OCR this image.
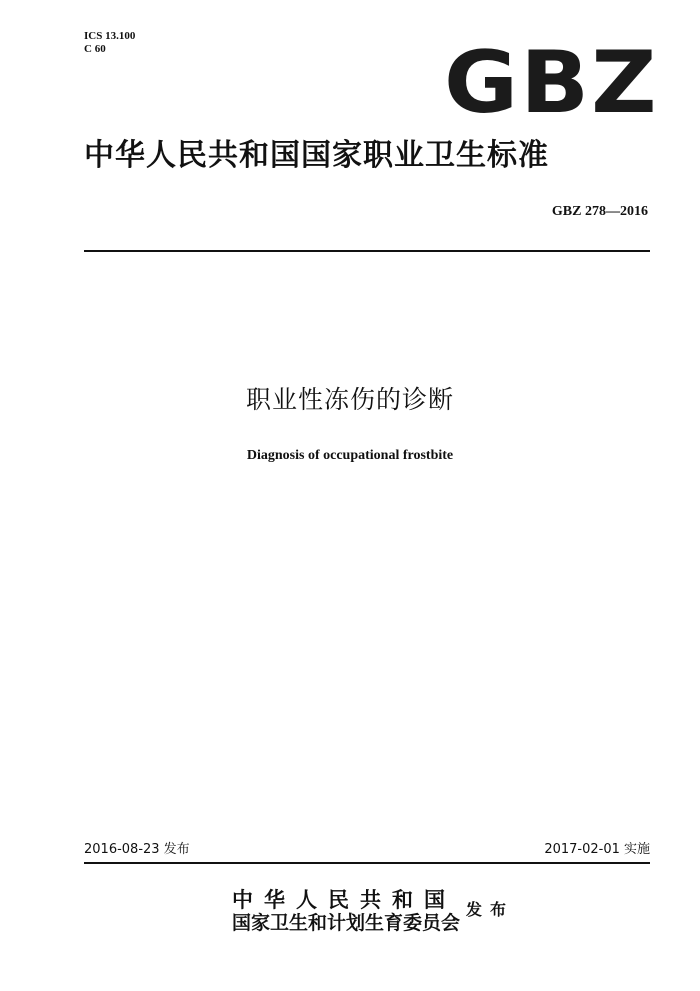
ICS 13.100
C 60	GBZ
中华人民共和国国家职业卫生标准
GBZ 278—2016
职业性冻伤的诊断
Diagnosis of occupational frostbite
2016-08-23 发布	2017-02-01 实施
中华人民共和国
国家卫生和计划生育委员会
发布
